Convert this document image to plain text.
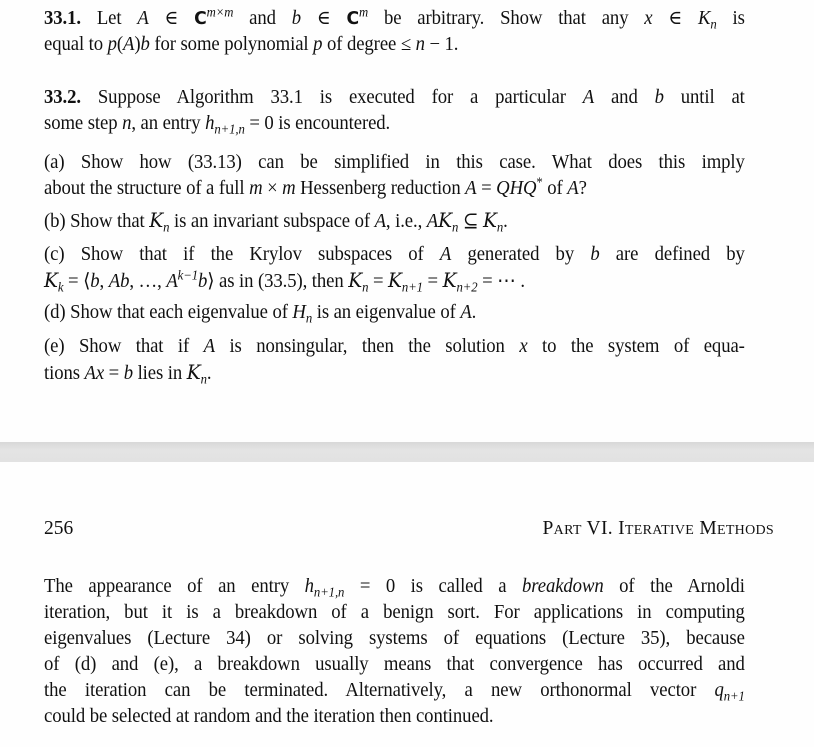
33.1. Let A ∈ $C^{m\times m}$ and b ∈ $C^m$ be arbitrary. Show that any x ∈ $K_n$ is
equal to p(A)b for some polynomial p of degree ≤ n − 1.
33.2. Suppose Algorithm 33.1 is executed for a particular A and b until at
some step n, an entry $h_{n+1,n} = 0$ is encountered.
(a) Show how (33.13) can be simplified in this case. What does this imply
about the structure of a full m × m Hessenberg reduction A = QHQ* of A?
(b) Show that $K_n$ is an invariant subspace of A, i.e., $AK_n$ ⊆ $K_n$.
(c) Show that if the Krylov subspaces of A generated by b are defined by
$K_k$ = ⟨b, Ab, …, $A^{k-1}b⟩$ as in (33.5), then $K_n = K_{n+1} = K_{n+2}$ = ⋯ .
(d) Show that each eigenvalue of $H_n$ is an eigenvalue of A.
(e) Show that if A is nonsingular, then the solution x to the system of equa-
tions Ax = b lies in $K_n$.
256	Part VI. Iterative Methods
The appearance of an entry $h_{n+1,n} = 0$ is called a breakdown of the Arnoldi
iteration, but it is a breakdown of a benign sort. For applications in computing
eigenvalues (Lecture 34) or solving systems of equations (Lecture 35), because
of (d) and (e), a breakdown usually means that convergence has occurred and
the iteration can be terminated. Alternatively, a new orthonormal vector $q_{n+1}$
could be selected at random and the iteration then continued.
